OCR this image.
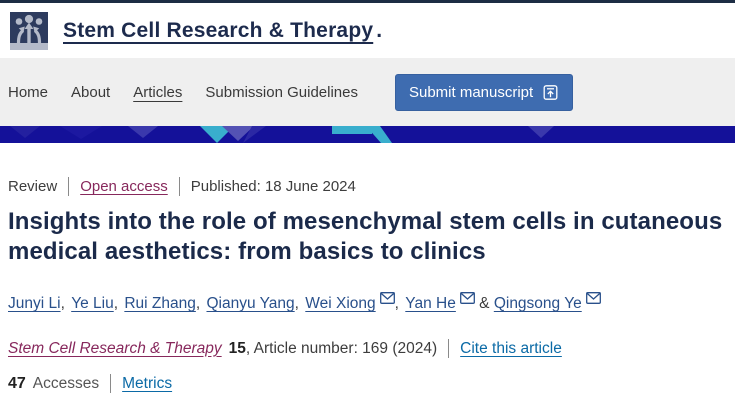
Stem Cell Research & Therapy .
Home About Articles Submission Guidelines	Submit manuscript
Review Open access Published: 18 June 2024
Insights into the role of mesenchymal stem cells in cutaneous medical aesthetics: from basics to clinics
Junyi Li, Ye Liu, Rui Zhang, Qianyu Yang, Wei Xiong , Yan He & Qingsong Ye
Stem Cell Research & Therapy 15 , Article number: 169 (2024) Cite this article
47 Accesses Metrics
